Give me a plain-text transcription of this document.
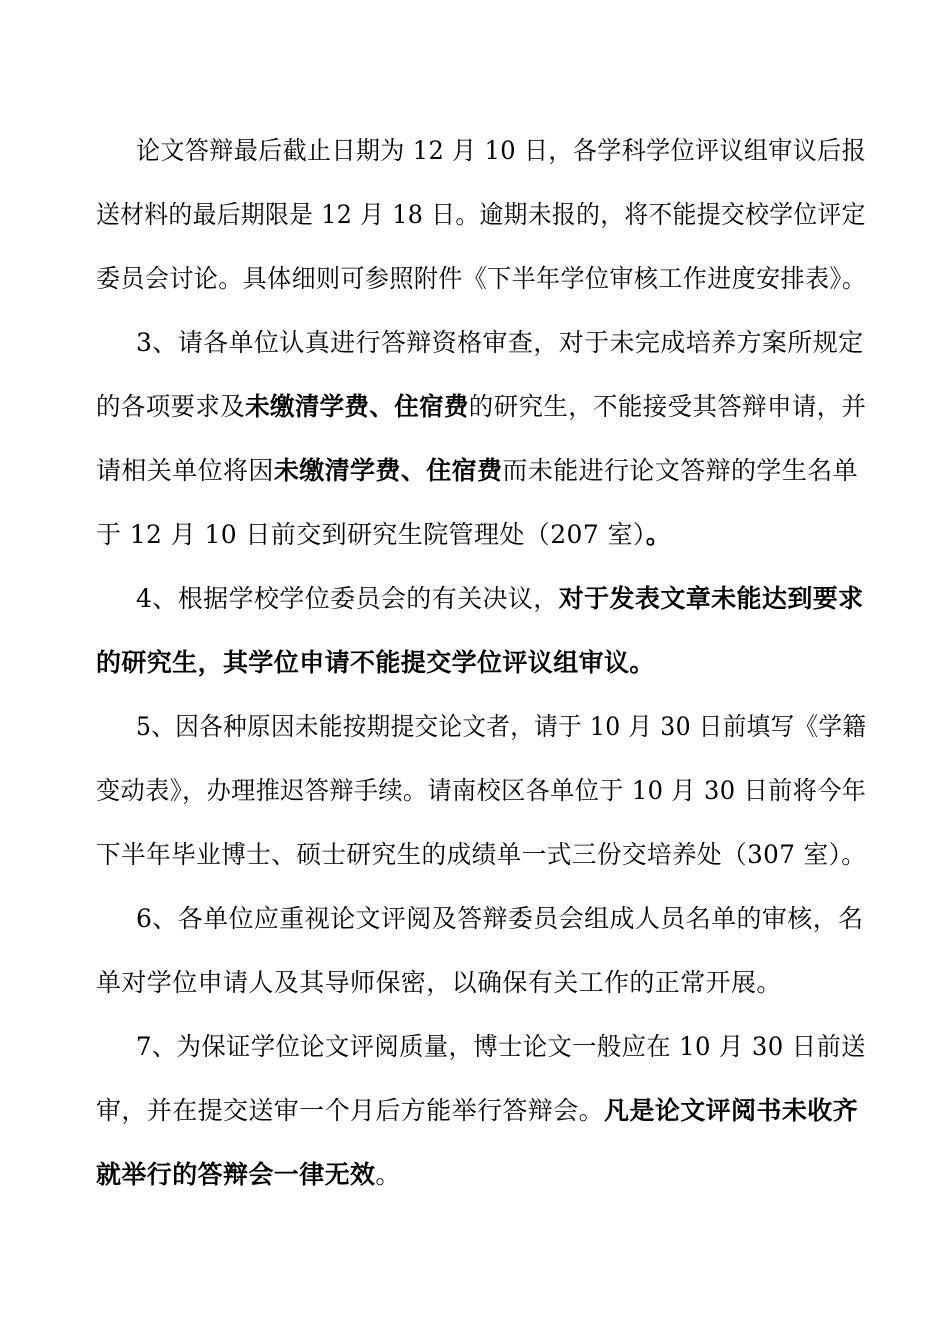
论文答辩最后截止日期为 12 月 10 日，各学科学位评议组审议后报
送材料的最后期限是 12 月 18 日。逾期未报的，将不能提交校学位评定
委员会讨论。具体细则可参照附件《下半年学位审核工作进度安排表》。
3、请各单位认真进行答辩资格审查，对于未完成培养方案所规定
的各项要求及未缴清学费、住宿费的研究生，不能接受其答辩申请，并
请相关单位将因未缴清学费、住宿费而未能进行论文答辩的学生名单
于 12 月 10 日前交到研究生院管理处（207 室）。
4、根据学校学位委员会的有关决议，对于发表文章未能达到要求
的研究生，其学位申请不能提交学位评议组审议。
5、因各种原因未能按期提交论文者，请于 10 月 30 日前填写《学籍
变动表》，办理推迟答辩手续。请南校区各单位于 10 月 30 日前将今年
下半年毕业博士、硕士研究生的成绩单一式三份交培养处（307 室）。
6、各单位应重视论文评阅及答辩委员会组成人员名单的审核，名
单对学位申请人及其导师保密，以确保有关工作的正常开展。
7、为保证学位论文评阅质量，博士论文一般应在 10 月 30 日前送
审，并在提交送审一个月后方能举行答辩会。凡是论文评阅书未收齐
就举行的答辩会一律无效。
